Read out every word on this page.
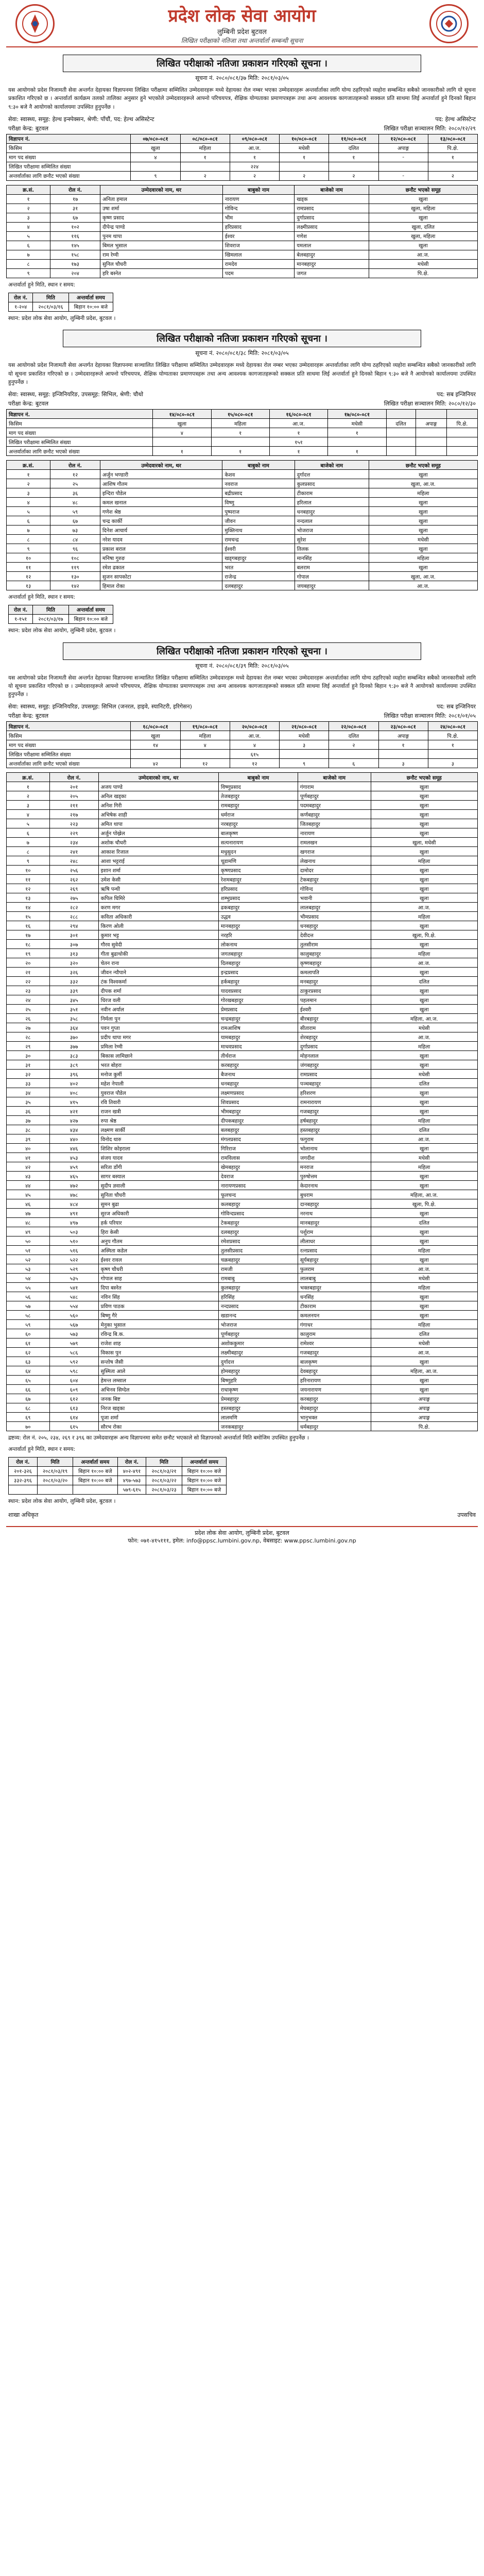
प्रदेश लोक सेवा आयोग
लुम्बिनी प्रदेश बुटवल
लिखित परीक्षाको नतिजा तथा अन्तर्वार्ता सम्बन्धी सूचना
लिखित परीक्षाको नतिजा प्रकाशन गरिएको सूचना ।
सूचना नं. २०८०/०८१/३७ मिति: २०८१/०३/०५
यस आयोगको प्रदेश निजामती सेवा अन्तर्गत देहायका विज्ञापनमा लिखित परीक्षामा सम्मिलित उम्मेदवारहरू मध्ये देहायका रोल नम्बर भएका उम्मेदवारहरू अन्तर्वार्ताका लागि योग्य ठहरिएको व्यहोरा सम्बन्धित सबैको जानकारीको लागि यो सूचना प्रकाशित गरिएको छ । अन्तर्वार्ता कार्यक्रम तलको तालिका अनुसार हुने भएकोले उम्मेदवारहरूले आफ्नो परिचयपत्र, शैक्षिक योग्यताका प्रमाणपत्रहरू तथा अन्य आवश्यक कागजातहरूको सक्कल प्रति साथमा लिई अन्तर्वार्ता हुने दिनको बिहान ९:३० बजे नै आयोगको कार्यालयमा उपस्थित हुनुपर्नेछ ।
सेवा: स्वास्थ्य, समूह: हेल्थ इन्स्पेक्सन, श्रेणी: पाँचौं, पद: हेल्थ असिस्टेन्ट	पद: हेल्थ असिस्टेन्ट
परीक्षा केन्द्र: बुटवल	लिखित परीक्षा सञ्चालन मिति: २०८०/१२/२९
विज्ञापन नं.	०७/०८०-०८१	०८/०८०-०८१	०९/०८०-०८१	१०/०८०-०८१	११/०८०-०८१	१२/०८०-०८१	१३/०८०-०८१
किसिम	खुला	महिला	आ.ज.	मधेसी	दलित	अपाङ्ग	पि.क्षे.
माग पद संख्या	४	१	१	१	१	-	१
लिखित परीक्षामा सम्मिलित संख्या			२२४				
अन्तर्वार्ताका लागि छनौट भएको संख्या	९	२	२	२	२	-	२
क्र.सं.	रोल नं.	उम्मेदवारको नाम, थर	बाबुको नाम	बाजेको नाम	छनौट भएको समूह
१	१७	अनिता हमाल	नारायण	खड्क	खुला
२	३१	उषा शर्मा	गोविन्द	रामप्रसाद	खुला, महिला
३	६७	कृष्ण प्रसाद	भीम	दुर्गाप्रसाद	खुला
४	१०२	दीपेन्द्र पाण्डे	हरिप्रसाद	लक्ष्मीप्रसाद	खुला, दलित
५	११६	पुनम थापा	ईश्वर	गणेश	खुला, महिला
६	१४५	बिमल भुसाल	शिवराज	यमलाल	खुला
७	१५८	राम रेग्मी	खिमलाल	बेलबहादुर	आ.ज.
८	१७३	सुनिल चौधरी	रामदेव	मानबहादुर	मधेसी
९	२०४	हरि बस्नेत	पदम	जगत	पि.क्षे.
अन्तर्वार्ता हुने मिति, स्थान र समय:
रोल नं.	मिति	अन्तर्वार्ता समय
१-२०४	२०८१/०३/१६	बिहान १०:०० बजे
स्थान: प्रदेश लोक सेवा आयोग, लुम्बिनी प्रदेश, बुटवल ।
लिखित परीक्षाको नतिजा प्रकाशन गरिएको सूचना ।
सूचना नं. २०८०/०८१/३८ मिति: २०८१/०३/०५
यस आयोगको प्रदेश निजामती सेवा अन्तर्गत देहायका विज्ञापनमा सञ्चालित लिखित परीक्षामा सम्मिलित उम्मेदवारहरू मध्ये देहायका रोल नम्बर भएका उम्मेदवारहरू अन्तर्वार्ताका लागि योग्य ठहरिएको व्यहोरा सम्बन्धित सबैको जानकारीको लागि यो सूचना प्रकाशित गरिएको छ । उम्मेदवारहरूले आफ्नो परिचयपत्र, शैक्षिक योग्यताका प्रमाणपत्रहरू तथा अन्य आवश्यक कागजातहरूको सक्कल प्रति साथमा लिई अन्तर्वार्ता हुने दिनको बिहान ९:३० बजे नै आयोगको कार्यालयमा उपस्थित हुनुपर्नेछ ।
सेवा: स्वास्थ्य, समूह: इन्जिनियरिङ, उपसमूह: सिभिल, श्रेणी: चौथो	पद: सब इन्जिनियर
परीक्षा केन्द्र: बुटवल	लिखित परीक्षा सञ्चालन मिति: २०८०/१२/३०
विज्ञापन नं.	१४/०८०-०८१	१५/०८०-०८१	१६/०८०-०८१	१७/०८०-०८१			
किसिम	खुला	महिला	आ.ज.	मधेसी	दलित	अपाङ्ग	पि.क्षे.
माग पद संख्या	४	१	१	१			
लिखित परीक्षामा सम्मिलित संख्या			१५१				
अन्तर्वार्ताका लागि छनौट भएको संख्या	१	१	१	१			
क्र.सं.	रोल नं.	उम्मेदवारको नाम, थर	बाबुको नाम	बाजेको नाम	छनौट भएको समूह
१	१२	अर्जुन भण्डारी	केशव	दुर्गादत्त	खुला
२	२५	आशिष गौतम	नवराज	कुलप्रसाद	खुला, आ.ज.
३	३६	इन्दिरा पौडेल	बद्रीप्रसाद	टीकाराम	महिला
४	४८	कमल खनाल	विष्णु	हरिलाल	खुला
५	५९	गणेश श्रेष्ठ	पुष्पराज	धनबहादुर	खुला
६	६७	चन्द्र कार्की	जीवन	नन्दलाल	खुला
७	७३	दिनेश आचार्य	मुक्तिनाथ	भोजराज	खुला
८	८४	नरेश यादव	रामचन्द्र	सुरेश	मधेसी
९	९६	प्रकाश बराल	ईश्वरी	तिलक	खुला
१०	१०८	मनिषा गुरुङ	खड्गबहादुर	मानसिंह	महिला
११	११९	रमेश ढकाल	भरत	बलराम	खुला
१२	१३०	सुजन सापकोटा	राजेन्द्र	गोपाल	खुला, आ.ज.
१३	१४२	हिमाल रोका	दलबहादुर	जयबहादुर	आ.ज.
अन्तर्वार्ता हुने मिति, स्थान र समय:
रोल नं.	मिति	अन्तर्वार्ता समय
१-१५१	२०८१/०३/१७	बिहान १०:०० बजे
स्थान: प्रदेश लोक सेवा आयोग, लुम्बिनी प्रदेश, बुटवल ।
लिखित परीक्षाको नतिजा प्रकाशन गरिएको सूचना ।
सूचना नं. २०८०/०८१/३९ मिति: २०८१/०३/०५
यस आयोगको प्रदेश निजामती सेवा अन्तर्गत देहायका विज्ञापनमा सञ्चालित लिखित परीक्षामा सम्मिलित उम्मेदवारहरू मध्ये देहायका रोल नम्बर भएका उम्मेदवारहरू अन्तर्वार्ताका लागि योग्य ठहरिएको व्यहोरा सम्बन्धित सबैको जानकारीको लागि यो सूचना प्रकाशित गरिएको छ । उम्मेदवारहरूले आफ्नो परिचयपत्र, शैक्षिक योग्यताका प्रमाणपत्रहरू तथा अन्य आवश्यक कागजातहरूको सक्कल प्रति साथमा लिई अन्तर्वार्ता हुने दिनको बिहान ९:३० बजे नै आयोगको कार्यालयमा उपस्थित हुनुपर्नेछ ।
सेवा: स्वास्थ्य, समूह: इन्जिनियरिङ, उपसमूह: सिभिल (जनरल, हाइवे, स्यानिटरी, इरिगेसन)	पद: सब इन्जिनियर
परीक्षा केन्द्र: बुटवल	लिखित परीक्षा सञ्चालन मिति: २०८१/०१/०५
विज्ञापन नं.	१८/०८०-०८१	१९/०८०-०८१	२०/०८०-०८१	२१/०८०-०८१	२२/०८०-०८१	२३/०८०-०८१	२४/०८०-०८१
किसिम	खुला	महिला	आ.ज.	मधेसी	दलित	अपाङ्ग	पि.क्षे.
माग पद संख्या	१४	४	४	३	२	१	१
लिखित परीक्षामा सम्मिलित संख्या			६१५				
अन्तर्वार्ताका लागि छनौट भएको संख्या	४२	१२	१२	९	६	३	३
क्र.सं.	रोल नं.	उम्मेदवारको नाम, थर	बाबुको नाम	बाजेको नाम	छनौट भएको समूह
१	२०१	अजय पाण्डे	विष्णुप्रसाद	गंगाराम	खुला
२	२०५	अनिल खड्का	तेजबहादुर	पूर्णबहादुर	खुला
३	२११	अनिश गिरी	रामबहादुर	पदमबहादुर	खुला
४	२१७	अभिषेक शाही	धर्मराज	कर्णबहादुर	खुला
५	२२३	अमित थापा	नरबहादुर	जितबहादुर	खुला
६	२२९	अर्जुन पोख्रेल	बालकृष्ण	नारायण	खुला
७	२३४	अशोक चौधरी	सत्यनारायण	रामलखन	खुला, मधेसी
८	२४१	आकाश रिजाल	मधुसुदन	खगराज	खुला
९	२४८	आशा भट्टराई	चूडामणि	लेखनाथ	महिला
१०	२५६	इशान शर्मा	कृष्णप्रसाद	दामोदर	खुला
११	२६२	उमेश केसी	रेशमबहादुर	टेकबहादुर	खुला
१२	२६९	ऋषि पन्थी	हरिप्रसाद	गोविन्द	खुला
१३	२७५	कपिल घिमिरे	शम्भुप्रसाद	भवानी	खुला
१४	२८२	करण मगर	ढकबहादुर	लालबहादुर	आ.ज.
१५	२८८	कविता अधिकारी	उद्धव	भीमप्रसाद	महिला
१६	२९४	किरण ओली	मानबहादुर	धनबहादुर	खुला
१७	३०१	कुमार भट्ट	नरहरि	देवीदत्त	खुला, पि.क्षे.
१८	३०७	गौरव सुवेदी	लोकनाथ	तुलसीराम	खुला
१९	३१३	गीता बुढाथोकी	जगतबहादुर	कालुबहादुर	महिला
२०	३२०	चेतन राना	दिलबहादुर	कृष्णबहादुर	आ.ज.
२१	३२६	जीवन न्यौपाने	इन्द्रप्रसाद	कमलापति	खुला
२२	३३२	टंक विश्वकर्मा	हर्कबहादुर	मनबहादुर	दलित
२३	३३९	दीपक शर्मा	यादवप्रसाद	ठाकुरप्रसाद	खुला
२४	३४५	धिरज वली	गोरखबहादुर	पहलमान	खुला
२५	३५१	नवीन अर्याल	प्रेमप्रसाद	ईश्वरी	खुला
२६	३५८	निर्मला पुन	चन्द्रबहादुर	बीरबहादुर	महिला, आ.ज.
२७	३६४	पवन गुप्ता	रामआशिष	सीताराम	मधेसी
२८	३७०	प्रदीप थापा मगर	यामबहादुर	शेरबहादुर	आ.ज.
२९	३७७	प्रमिला रेग्मी	माधवप्रसाद	दुर्गाप्रसाद	महिला
३०	३८३	बिकास लामिछाने	तीर्थराज	मोहनलाल	खुला
३१	३८९	भरत बोहरा	करबहादुर	जंगबहादुर	खुला
३२	३९६	मनोज कुर्मी	बैजनाथ	रामप्रसाद	मधेसी
३३	४०२	महेश नेपाली	धनबहादुर	पञ्चबहादुर	दलित
३४	४०८	युवराज पौडेल	लक्ष्मणप्रसाद	हरिशरण	खुला
३५	४१५	रवि तिवारी	शिवप्रसाद	रामनारायण	खुला
३६	४२१	राजन खत्री	भीमबहादुर	गजबहादुर	खुला
३७	४२७	रुपा श्रेष्ठ	दीपकबहादुर	हर्षबहादुर	महिला
३८	४३४	लक्ष्मण सार्की	बलबहादुर	हस्तबहादुर	दलित
३९	४४०	विनोद थारु	मंगलप्रसाद	फगुराम	आ.ज.
४०	४४६	शिशिर कोइराला	गिरिराज	भोलानाथ	खुला
४१	४५३	संजय यादव	रामविलास	जगदीश	मधेसी
४२	४५९	सरिता डाँगी	खेमबहादुर	मनराज	महिला
४३	४६५	सागर बस्याल	देवराज	पुरुषोत्तम	खुला
४४	४७२	सुदीप ज्ञवाली	नारायणप्रसाद	केदारनाथ	खुला
४५	४७८	सुनिता चौधरी	फूलचन्द	बुधराम	महिला, आ.ज.
४६	४८४	सुमन बुढा	कलबहादुर	दानबहादुर	खुला, पि.क्षे.
४७	४९१	सुरज अधिकारी	गोविन्दप्रसाद	नरनाथ	खुला
४८	४९७	हर्क परियार	टेकबहादुर	मानबहादुर	दलित
४९	५०३	हिरा केसी	दलबहादुर	पर्शुराम	खुला
५०	५१०	अनुप गौतम	रमेशप्रसाद	लीलाधर	खुला
५१	५१६	अस्मिता कडेल	तुलसीप्रसाद	रत्नप्रसाद	महिला
५२	५२२	ईश्वर रावल	चक्रबहादुर	सूर्यबहादुर	खुला
५३	५२९	कृष्ण चौधरी	रामजी	फुलराम	आ.ज.
५४	५३५	गोपाल साह	रामबाबु	लालबाबु	मधेसी
५५	५४१	दिपा बस्नेत	कुलबहादुर	भक्तबहादुर	महिला
५६	५४८	नविन सिंह	हरिसिंह	धनसिंह	खुला
५७	५५४	प्रविण पाठक	नन्दप्रसाद	टीकाराम	खुला
५८	५६०	बिष्णु गैरे	खडानन्द	कमलनयन	खुला
५९	५६७	मेनुका भुसाल	भोजराज	गंगाधर	महिला
६०	५७३	रविन्द्र बि.क.	पूर्णबहादुर	कालुराम	दलित
६१	५७९	राजेश शाह	अशोककुमार	रामेश्वर	मधेसी
६२	५८६	विकास पुन	लक्ष्मीबहादुर	गजबहादुर	आ.ज.
६३	५९२	सन्तोष जैसी	दुर्गादत्त	बालकृष्ण	खुला
६४	५९८	सुस्मिता आले	होमबहादुर	देवबहादुर	महिला, आ.ज.
६५	६०४	हेमन्त लम्साल	बिष्णुहरि	हरिनारायण	खुला
६६	६०९	अभिनव सिग्देल	राधाकृष्ण	जयनारायण	खुला
६७	६१२	जनक बिष्ट	प्रेमबहादुर	करबहादुर	अपाङ्ग
६८	६१३	निरज खड्का	हस्तबहादुर	मेघबहादुर	अपाङ्ग
६९	६१४	पूजा शर्मा	लालमणि	भानुभक्त	अपाङ्ग
७०	६१५	सौरभ रोका	जनकबहादुर	धर्मबहादुर	पि.क्षे.
द्रष्टव्य: रोल नं. २०५, २३४, २६९ र ३९६ का उम्मेदवारहरू अन्य विज्ञापनमा समेत छनौट भएकाले सो विज्ञापनको अन्तर्वार्ता मिति बमोजिम उपस्थित हुनुपर्नेछ ।
अन्तर्वार्ता हुने मिति, स्थान र समय:
रोल नं.	मिति	अन्तर्वार्ता समय	रोल नं.	मिति	अन्तर्वार्ता समय
२०१-३२६	२०८१/०३/१९	बिहान १०:०० बजे	४०२-४९१	२०८१/०३/२१	बिहान १०:०० बजे
३३२-३९६	२०८१/०३/२०	बिहान १०:०० बजे	४९७-५७३	२०८१/०३/२२	बिहान १०:०० बजे
			५७९-६१५	२०८१/०३/२३	बिहान १०:०० बजे
स्थान: प्रदेश लोक सेवा आयोग, लुम्बिनी प्रदेश, बुटवल ।
शाखा अधिकृत	उपसचिव
प्रदेश लोक सेवा आयोग, लुम्बिनी प्रदेश, बुटवल
फोन: ०७१-४१५१११, इमेल: info@ppsc.lumbini.gov.np, वेबसाइट: www.ppsc.lumbini.gov.np
